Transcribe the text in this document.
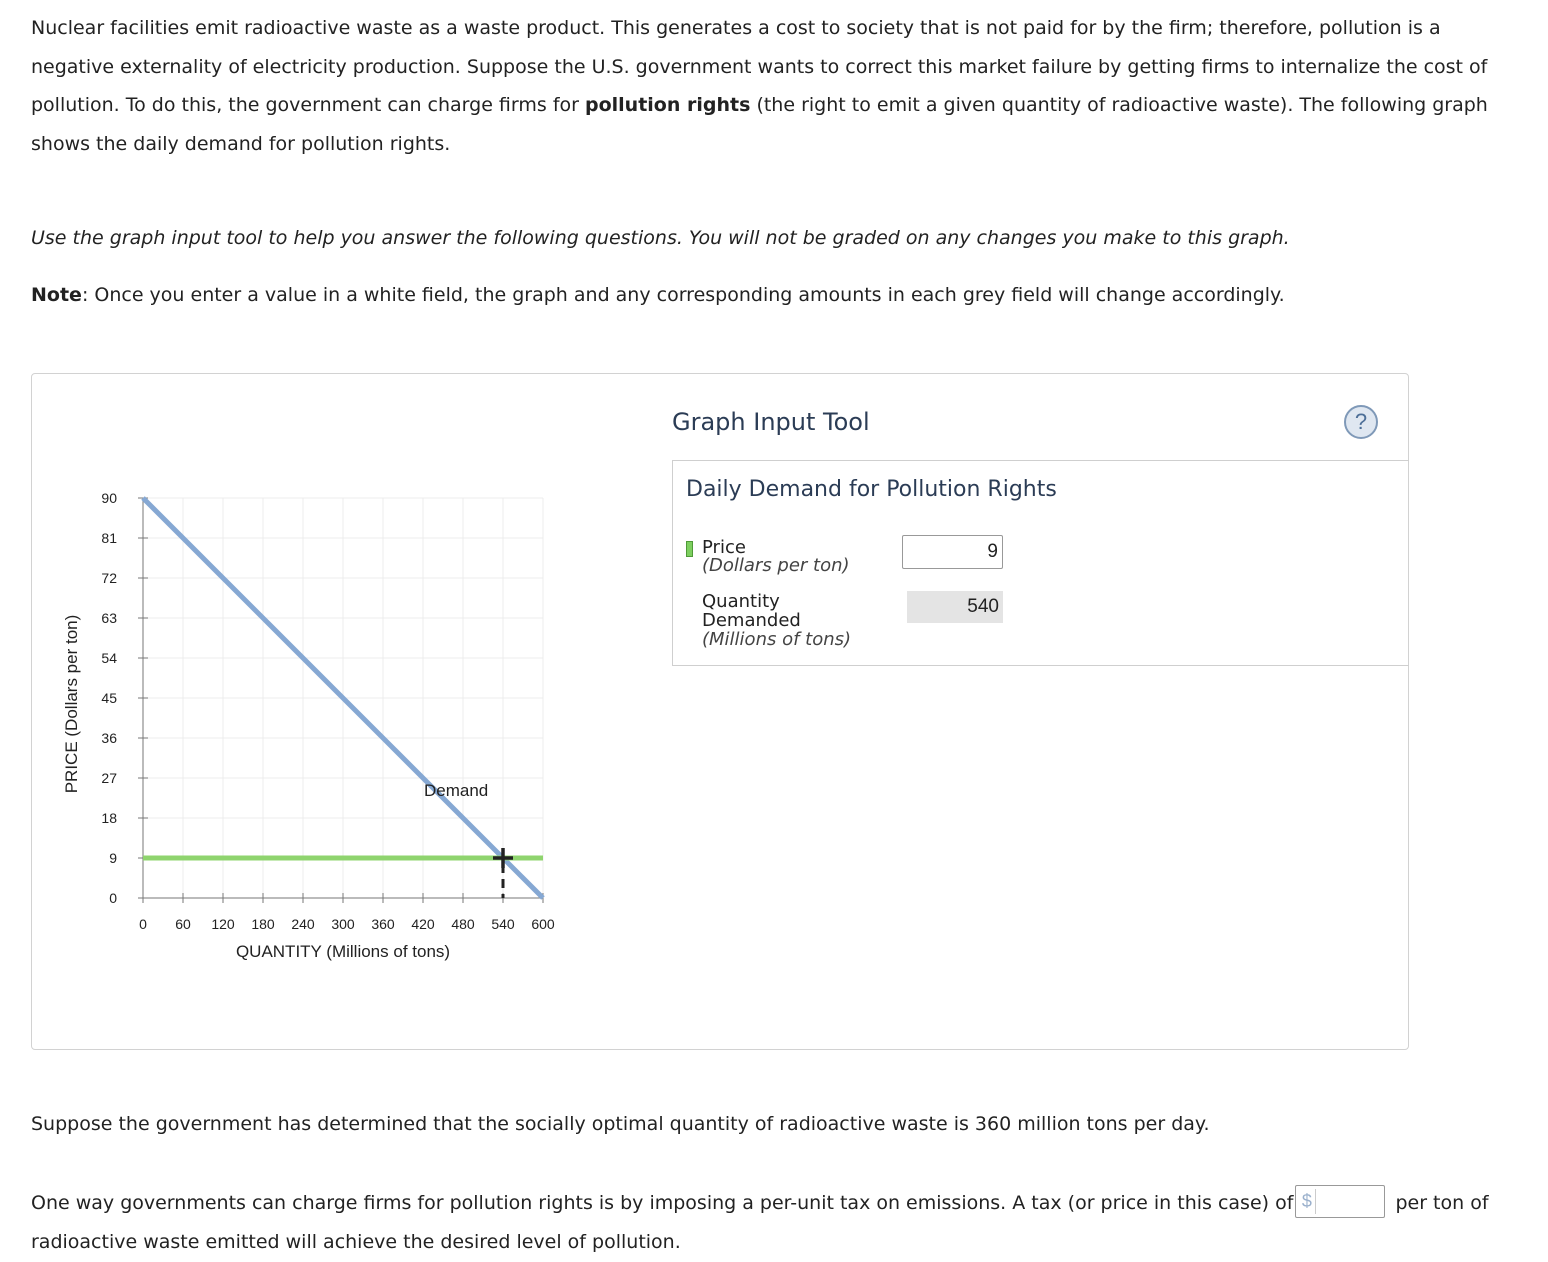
Nuclear facilities emit radioactive waste as a waste product. This generates a cost to society that is not paid for by the firm; therefore, pollution is a negative externality of electricity production. Suppose the U.S. government wants to correct this market failure by getting firms to internalize the cost of pollution. To do this, the government can charge firms for pollution rights (the right to emit a given quantity of radioactive waste). The following graph shows the daily demand for pollution rights.
Use the graph input tool to help you answer the following questions. You will not be graded on any changes you make to this graph.
Note: Once you enter a value in a white field, the graph and any corresponding amounts in each grey field will change accordingly.
0
9
18
27
36
45
54
63
72
81
90
0 60 120 180 240 300 360 420 480 540 600
QUANTITY (Millions of tons)
PRICE (Dollars per ton)	Demand
Graph Input Tool	?
Daily Demand for Pollution Rights
Price
(Dollars per ton)
9
Quantity
Demanded
(Millions of tons)
540
Suppose the government has determined that the socially optimal quantity of radioactive waste is 360 million tons per day.
One way governments can charge firms for pollution rights is by imposing a per-unit tax on emissions. A tax (or price in this case) of $	per ton of radioactive waste emitted will achieve the desired level of pollution.
